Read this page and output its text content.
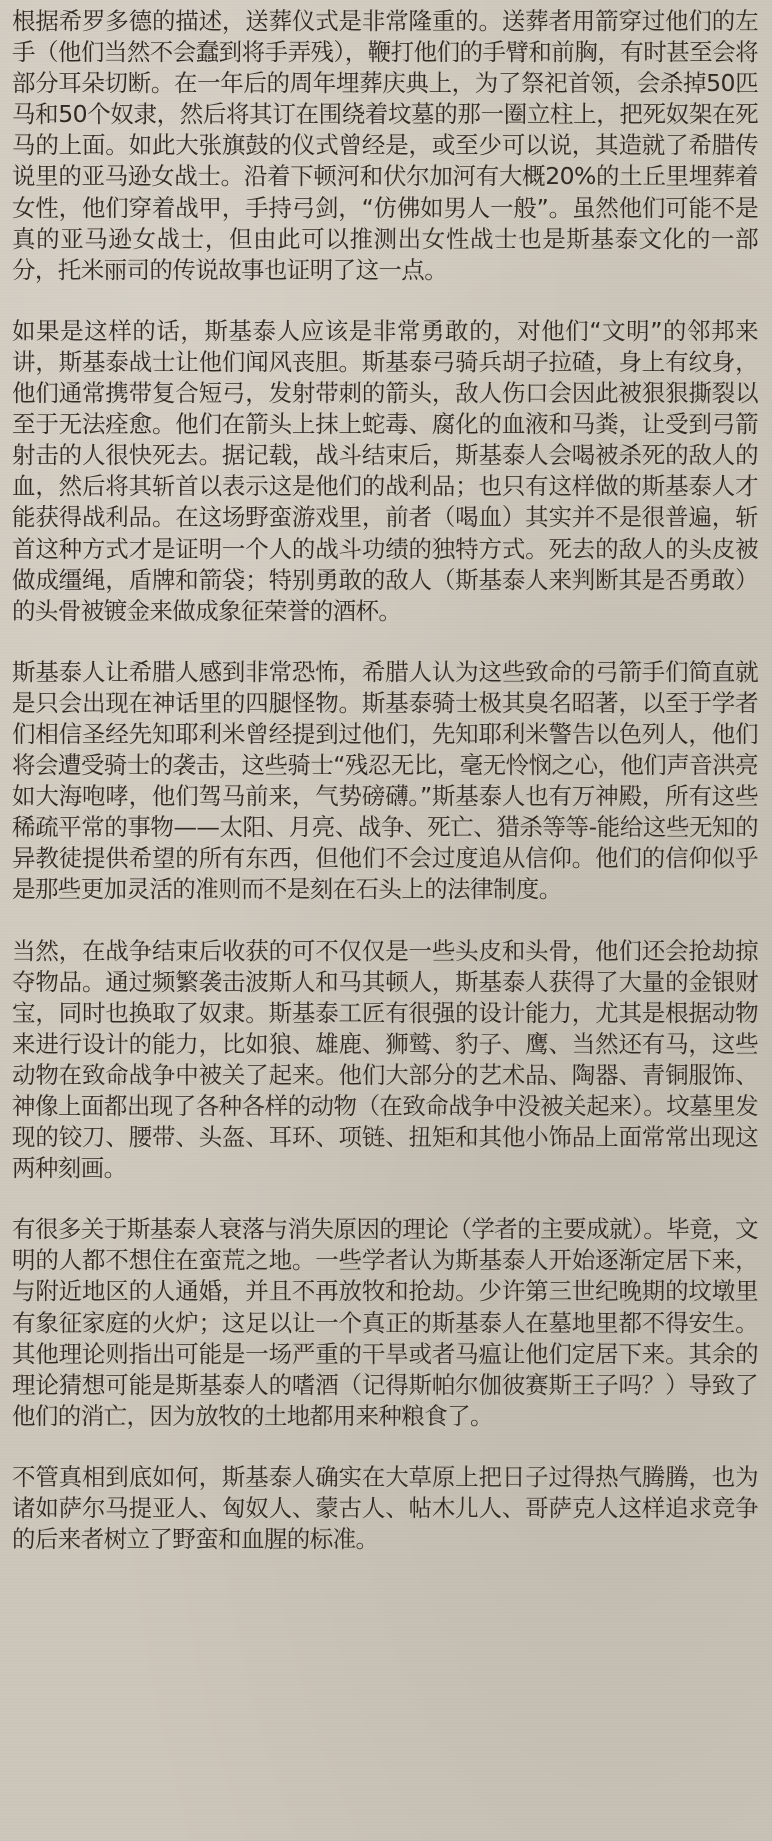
根据希罗多德的描述，送葬仪式是非常隆重的。送葬者用箭穿过他们的左手（他们当然不会蠢到将手弄残），鞭打他们的手臂和前胸，有时甚至会将部分耳朵切断。在一年后的周年埋葬庆典上，为了祭祀首领，会杀掉50匹马和50个奴隶，然后将其订在围绕着坟墓的那一圈立柱上，把死奴架在死马的上面。如此大张旗鼓的仪式曾经是，或至少可以说，其造就了希腊传说里的亚马逊女战士。沿着下顿河和伏尔加河有大概20%的土丘里埋葬着女性，他们穿着战甲，手持弓剑，“仿佛如男人一般”。虽然他们可能不是真的亚马逊女战士，但由此可以推测出女性战士也是斯基泰文化的一部分，托米丽司的传说故事也证明了这一点。

如果是这样的话，斯基泰人应该是非常勇敢的，对他们“文明”的邻邦来讲，斯基泰战士让他们闻风丧胆。斯基泰弓骑兵胡子拉碴，身上有纹身，他们通常携带复合短弓，发射带刺的箭头，敌人伤口会因此被狠狠撕裂以至于无法痊愈。他们在箭头上抹上蛇毒、腐化的血液和马粪，让受到弓箭射击的人很快死去。据记载，战斗结束后，斯基泰人会喝被杀死的敌人的血，然后将其斩首以表示这是他们的战利品；也只有这样做的斯基泰人才能获得战利品。在这场野蛮游戏里，前者（喝血）其实并不是很普遍，斩首这种方式才是证明一个人的战斗功绩的独特方式。死去的敌人的头皮被做成缰绳，盾牌和箭袋；特别勇敢的敌人（斯基泰人来判断其是否勇敢）的头骨被镀金来做成象征荣誉的酒杯。

斯基泰人让希腊人感到非常恐怖，希腊人认为这些致命的弓箭手们简直就是只会出现在神话里的四腿怪物。斯基泰骑士极其臭名昭著，以至于学者们相信圣经先知耶利米曾经提到过他们，先知耶利米警告以色列人，他们将会遭受骑士的袭击，这些骑士“残忍无比，毫无怜悯之心，他们声音洪亮如大海咆哮，他们驾马前来，气势磅礴。”斯基泰人也有万神殿，所有这些稀疏平常的事物——太阳、月亮、战争、死亡、猎杀等等-能给这些无知的异教徒提供希望的所有东西，但他们不会过度追从信仰。他们的信仰似乎是那些更加灵活的准则而不是刻在石头上的法律制度。

当然，在战争结束后收获的可不仅仅是一些头皮和头骨，他们还会抢劫掠夺物品。通过频繁袭击波斯人和马其顿人，斯基泰人获得了大量的金银财宝，同时也换取了奴隶。斯基泰工匠有很强的设计能力，尤其是根据动物来进行设计的能力，比如狼、雄鹿、狮鹫、豹子、鹰、当然还有马，这些动物在致命战争中被关了起来。他们大部分的艺术品、陶器、青铜服饰、神像上面都出现了各种各样的动物（在致命战争中没被关起来）。坟墓里发现的铰刀、腰带、头盔、耳环、项链、扭矩和其他小饰品上面常常出现这两种刻画。

有很多关于斯基泰人衰落与消失原因的理论（学者的主要成就）。毕竟，文明的人都不想住在蛮荒之地。一些学者认为斯基泰人开始逐渐定居下来，与附近地区的人通婚，并且不再放牧和抢劫。少许第三世纪晚期的坟墩里有象征家庭的火炉；这足以让一个真正的斯基泰人在墓地里都不得安生。其他理论则指出可能是一场严重的干旱或者马瘟让他们定居下来。其余的理论猜想可能是斯基泰人的嗜酒（记得斯帕尔伽彼赛斯王子吗？）导致了他们的消亡，因为放牧的土地都用来种粮食了。

不管真相到底如何，斯基泰人确实在大草原上把日子过得热气腾腾，也为诸如萨尔马提亚人、匈奴人、蒙古人、帖木儿人、哥萨克人这样追求竞争的后来者树立了野蛮和血腥的标准。
